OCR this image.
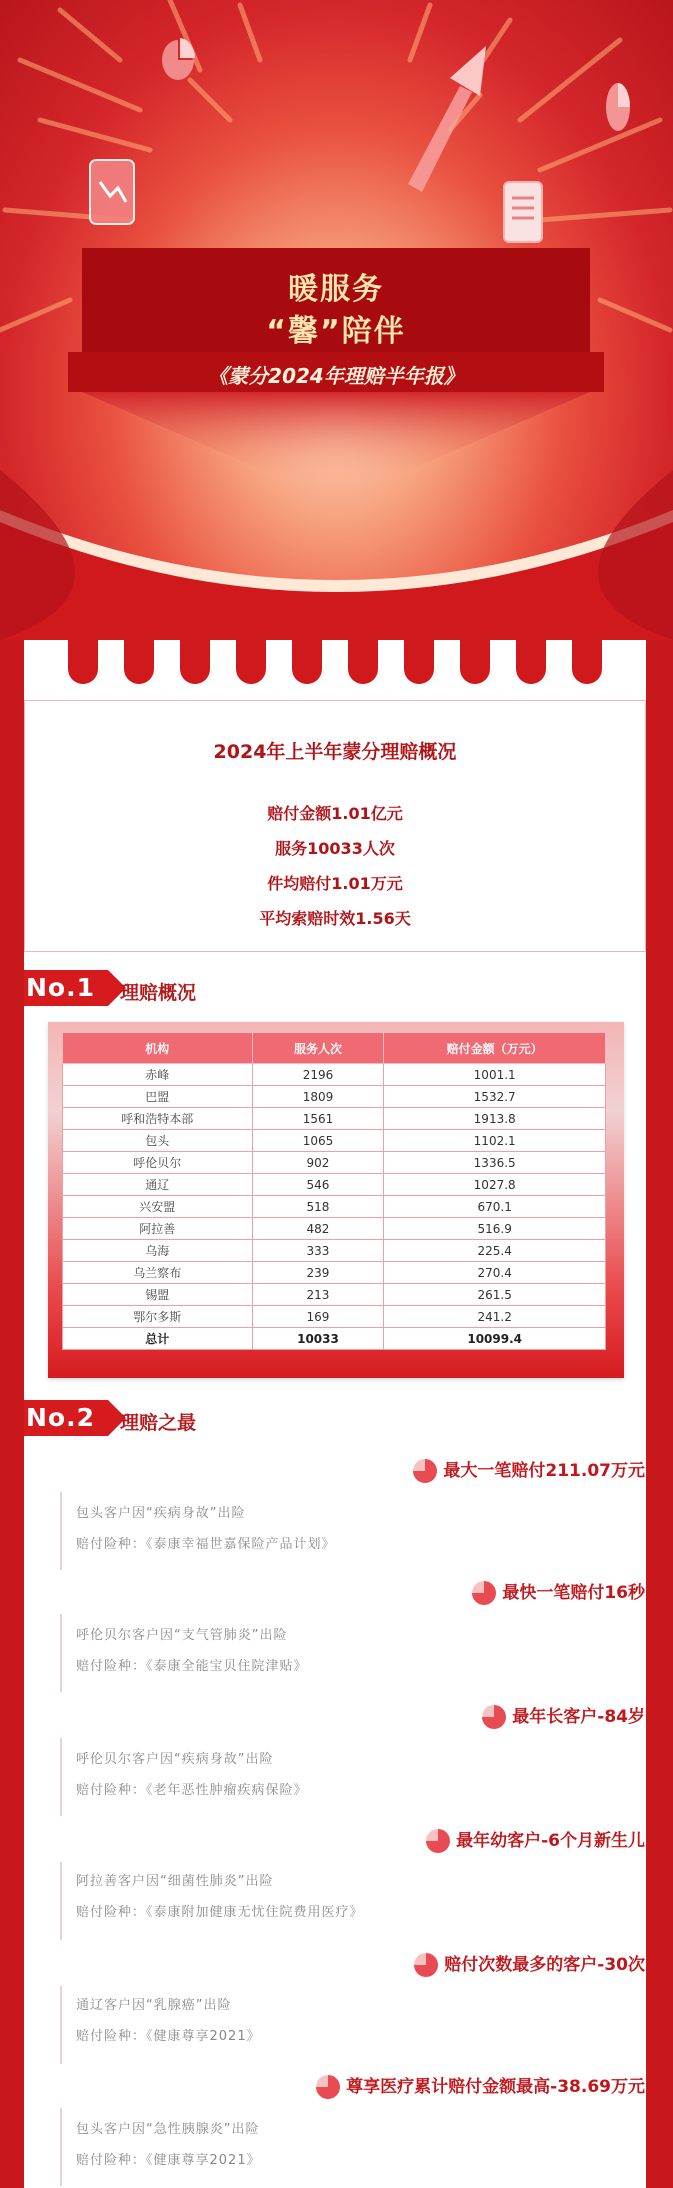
暖服务
“馨”陪伴
《蒙分2024年理赔半年报》
2024年上半年蒙分理赔概况
赔付金额1.01亿元
服务10033人次
件均赔付1.01万元
平均索赔时效1.56天
No.1	理赔概况
机构	服务人次	赔付金额（万元）
赤峰	2196	1001.1
巴盟	1809	1532.7
呼和浩特本部	1561	1913.8
包头	1065	1102.1
呼伦贝尔	902	1336.5
通辽	546	1027.8
兴安盟	518	670.1
阿拉善	482	516.9
乌海	333	225.4
乌兰察布	239	270.4
锡盟	213	261.5
鄂尔多斯	169	241.2
总计	10033	10099.4
No.2	理赔之最
最大一笔赔付211.07万元
包头客户因“疾病身故”出险
赔付险种：《泰康幸福世嘉保险产品计划》
最快一笔赔付16秒
呼伦贝尔客户因“支气管肺炎”出险
赔付险种：《泰康全能宝贝住院津贴》
最年长客户-84岁
呼伦贝尔客户因“疾病身故”出险
赔付险种：《老年恶性肿瘤疾病保险》
最年幼客户-6个月新生儿
阿拉善客户因“细菌性肺炎”出险
赔付险种：《泰康附加健康无忧住院费用医疗》
赔付次数最多的客户-30次
通辽客户因“乳腺癌”出险
赔付险种：《健康尊享2021》
尊享医疗累计赔付金额最高-38.69万元
包头客户因“急性胰腺炎”出险
赔付险种：《健康尊享2021》
